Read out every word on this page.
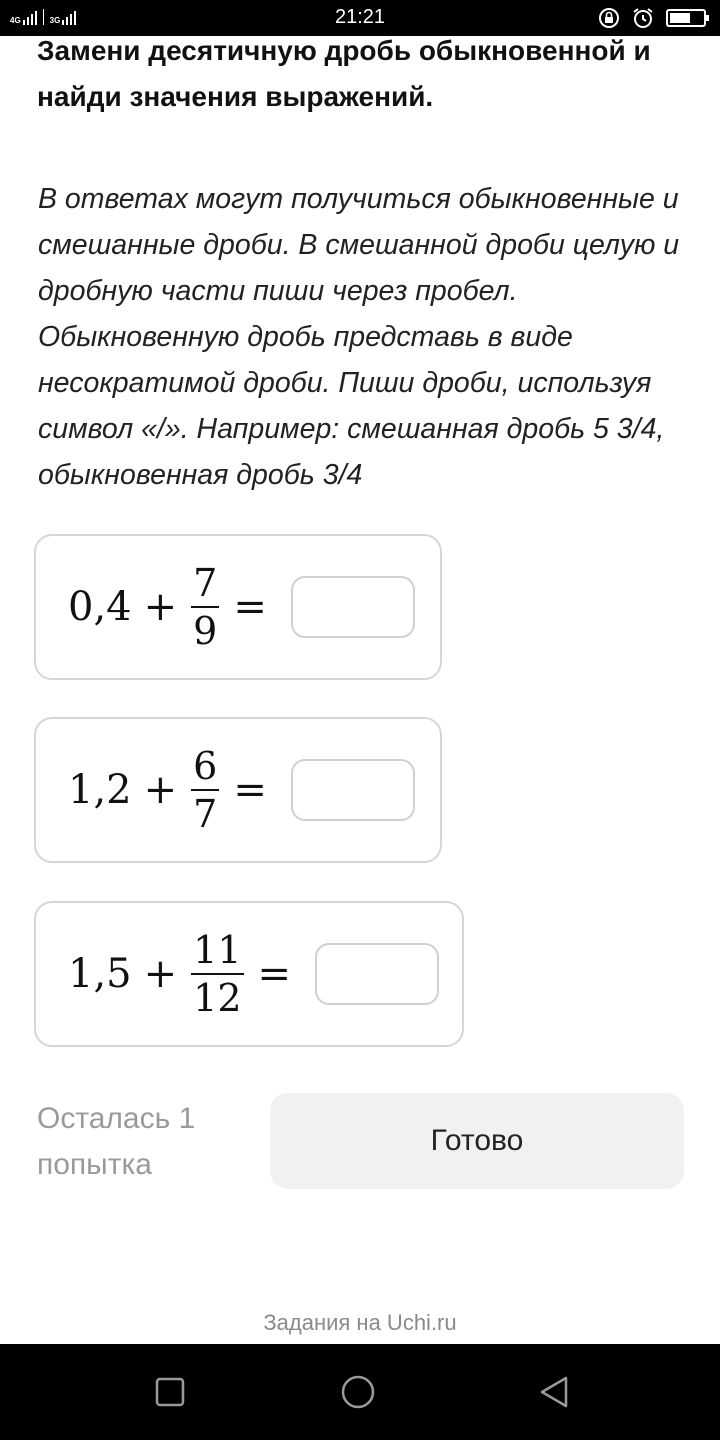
4G	3G	21:21
Замени десятичную дробь обыкновенной и найди значения выражений.
В ответах могут получиться обыкновенные и смешанные дроби. В смешанной дроби целую и дробную части пиши через пробел. Обыкновенную дробь представь в виде несократимой дроби. Пиши дроби, используя символ «/». Например: смешанная дробь 5 3/4, обыкновенная дробь 3/4
$0,4 + \frac{7}{9}$ =
$1,2 + \frac{6}{7}$ =
$1,5 + \frac{11}{12}$ =
Осталась 1 попытка
Готово
Задания на Uchi.ru
